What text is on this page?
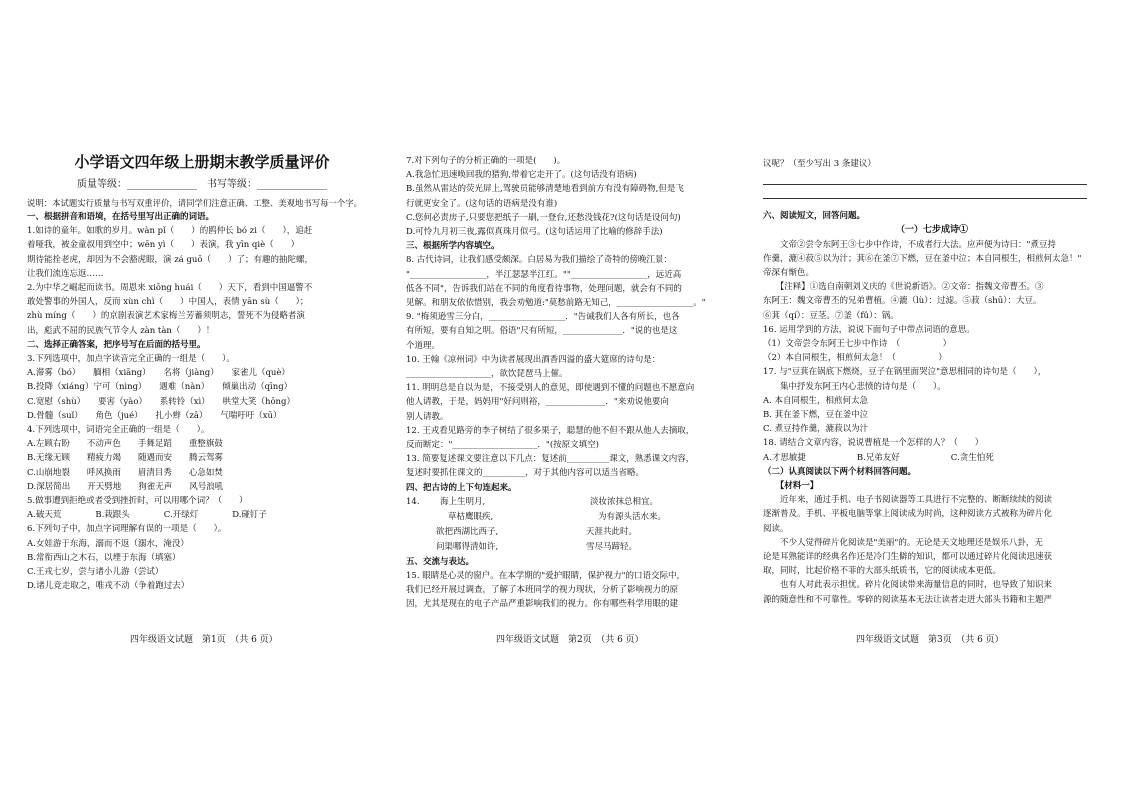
小学语文四年级上册期末教学质量评价
质量等级：______________　书写等级：______________
说明：本试题实行质量与书写双重评价，请同学们注意正确、工整、美观地书写每一个字。
一、根据拼音和语境，在括号里写出正确的词语。
1.如诗的童年。如歌的岁月。wàn pǐ（　　）的鸥仲长 bó zi（　　），追赶
着哑我，被金童叔用到空中；wēn yì（　　）表演，我 yīn qiè（　　）
期待能拴老虎，却因为不会豁虎眼，演 zá guō（　　）了；有趣的抽陀螺，
让我们流连忘返……
2.为中华之崛起而读书。周恩来 xiōng huái（　　）天下，看到中国逼警不
敢处警事的外国人，反而 xùn chì（　　）中国人，表情 yān sù（　　）；
zhù míng（　　）的京剧表演艺术家梅兰芳蓄须明志，誓死不为侵略者演
出，彪武不屈的民族气节令人 zàn tàn（　　）！
二、选择正确答案，把序号写在后面的括号里。
3.下列选项中，加点字读音完全正确的一组是（　　）。
A.滞雾（bó）　　腼相（xiāng）　　名将（jiàng）　　家雀儿（què）
B.投降（xiáng）宁可（nìng）　　遇难（nàn）　　倾巢出动（qīng）
C.宽慰（shù）　　要害（yào）　　系转铃（xì）　　哄堂大笑（hōng）
D.骨髓（suǐ）　　角色（jué）　　扎小辫（zā）　　气喘吁吁（xū）
4.下列选项中，词语完全正确的一组是（　　）。
A.左顾右盼　　不动声色　　手舞足蹈　　重整旗鼓
B.无缘无顾　　精疲力竭　　随遇而安　　腾云驾雾
C.山崩地裂　　呼风换雨　　眉清目秀　　心急如焚
D.深居简出　　开天劈地　　狗雀无声　　风号浪吼
5.做事遭到拒绝或者受到挫折时，可以用哪个词？（　　）
A.破天荒　　　　B.栽跟头　　　　C.开绿灯　　　　D.碰钉子
6.下列句子中，加点字词理解有误的一项是（　　）。
A.女娃游于东海，溺而不返（溺水，淹没）
B.常衔西山之木石，以堙于东海（填塞）
C.王戎七岁，尝与诸小儿游（尝试）
D.诸儿竞走取之，唯戎不动（争着跑过去）
四年级语文试题　第1页　（共 6 页）
7.对下列句子的分析正确的一项是(　　)。
A.我急忙迅速唤回我的猎狗,带着它走开了。(这句话没有语病)
B.虽然从雷达的荧光屏上,驾驶员能够清楚地看到前方有没有障碍物,但是飞
行就更安全了。(这句话的语病是没有谁)
C.您何必责房子,只要您把纸子一刷,一登台,还愁没钱花?(这句话是设问句)
D.可怜九月初三夜,露似真珠月似弓。(这句话运用了比喻的修辞手法)
三、根据所学内容填空。
8. 古代诗词，让我们感受颇深。白居易为我们描绘了奇特的傍晚江景：
"__________________，半江瑟瑟半江红。""__________________，远近高
低各不同"，告诉我们站在不同的角度看待事物，处理问题，就会有不同的
见解。和朋友依依惜别，我会劝勉道:"莫愁前路无知己，__________________。"
9. "梅须逊雪三分白，__________________．"告诫我们人各有所长，也各
有所短，要有自知之明。俗语"尺有所短，______________．"说的也是这
个道理。
10. 王翰《凉州词》中为读者展现出酒香四溢的盛大筵席的诗句是：
____________________，欲饮琵琶马上催。
11. 明明总是自以为是，不接受别人的意见，即使遇到不懂的问题也不愿意向
他人请教，于是，妈妈用"好问则裕，______________．"来劝说他要向
别人请教。
12. 王戎看见路旁的李子树结了很多果子，聪慧的他不但不跟从他人去摘取，
反而断定："____________________．"(按原文填空)
13. 简要复述课文要注意以下几点：复述前__________课文，熟悉课文内容，
复述时要抓住课文的__________，对于其他内容可以适当省略。
四、把古诗的上下句连起来。
14. 海上生明月,	淡妆浓抹总相宜。
草枯鹰眼疾,	为有源头活水来。
欲把西湖比西子,	天涯共此时。
问渠哪得清如许,	雪尽马蹄轻。
五、交流与表达。
15. 眼睛是心灵的窗户。在本学期的"爱护眼睛，保护视力"的口语交际中，
我们已经开展过调查，了解了本班同学的视力现状，分析了影响视力的原
因，尤其是现在的电子产品严重影响我们的视力。你有哪些科学用眼的建
四年级语文试题　第2页　（共 6 页）
议呢？（至少写出 3 条建议）
六、阅读短文，回答问题。
（一）七步成诗①
　　文帝②尝令东阿王③七步中作诗，不成者行大法。应声便为诗曰："煮豆持
作羹，漉④菽⑤以为汁；萁⑥在釜⑦下燃，豆在釜中泣；本自同根生，相煎何太急！"
帝深有惭色。
　　【注释】①选自南朝刘义庆的《世说新语》。②文帝：指魏文帝曹丕。③
东阿王：魏文帝曹丕的兄弟曹植。④漉（lù）：过滤。⑤菽（shū）：大豆。
⑥萁（qí）：豆茎。⑦釜（fǔ）：锅。
16. 运用学到的方法，说说下面句子中带点词语的意思。
（1）文帝尝令东阿王七步中作诗　（　　　　　）
（2）本自同根生，相煎何太急！（　　　　　）
17. 与"豆萁在锅底下燃烧，豆子在锅里面哭泣"意思相同的诗句是（　　），
　　集中抒发东阿王内心悲愤的诗句是（　　）。
A. 本自同根生，相煎何太急
B. 萁在釜下燃，豆在釜中泣
C. 煮豆持作羹，漉菽以为汁
18. 请结合文章内容，说说曹植是一个怎样的人？（　　）
A.才思敏捷　　　　　　B.兄弟友好　　　　　　C.贪生怕死
（二）认真阅读以下两个材料回答问题。
　　【材料一】
　　近年来，通过手机、电子书阅读器等工具进行不完整的、断断续续的阅读
逐渐普及。手机、平板电脑等掌上阅读成为时尚，这种阅读方式被称为碎片化
阅读。
　　不少人觉得碎片化阅读是"美丽"的。无论是天文地理还是娱乐八卦，无
论是耳熟能详的经典名作还是冷门生僻的知识，都可以通过碎片化阅读迅速获
取，同时，比起价格不菲的大部头纸质书，它的阅读成本更低。
　　也有人对此表示担忧。碎片化阅读带来海量信息的同时，也导致了知识来
源的随意性和不可靠性。零碎的阅读基本无法让读者走进大部头书籍和主题严
四年级语文试题　第3页　（共 6 页）
